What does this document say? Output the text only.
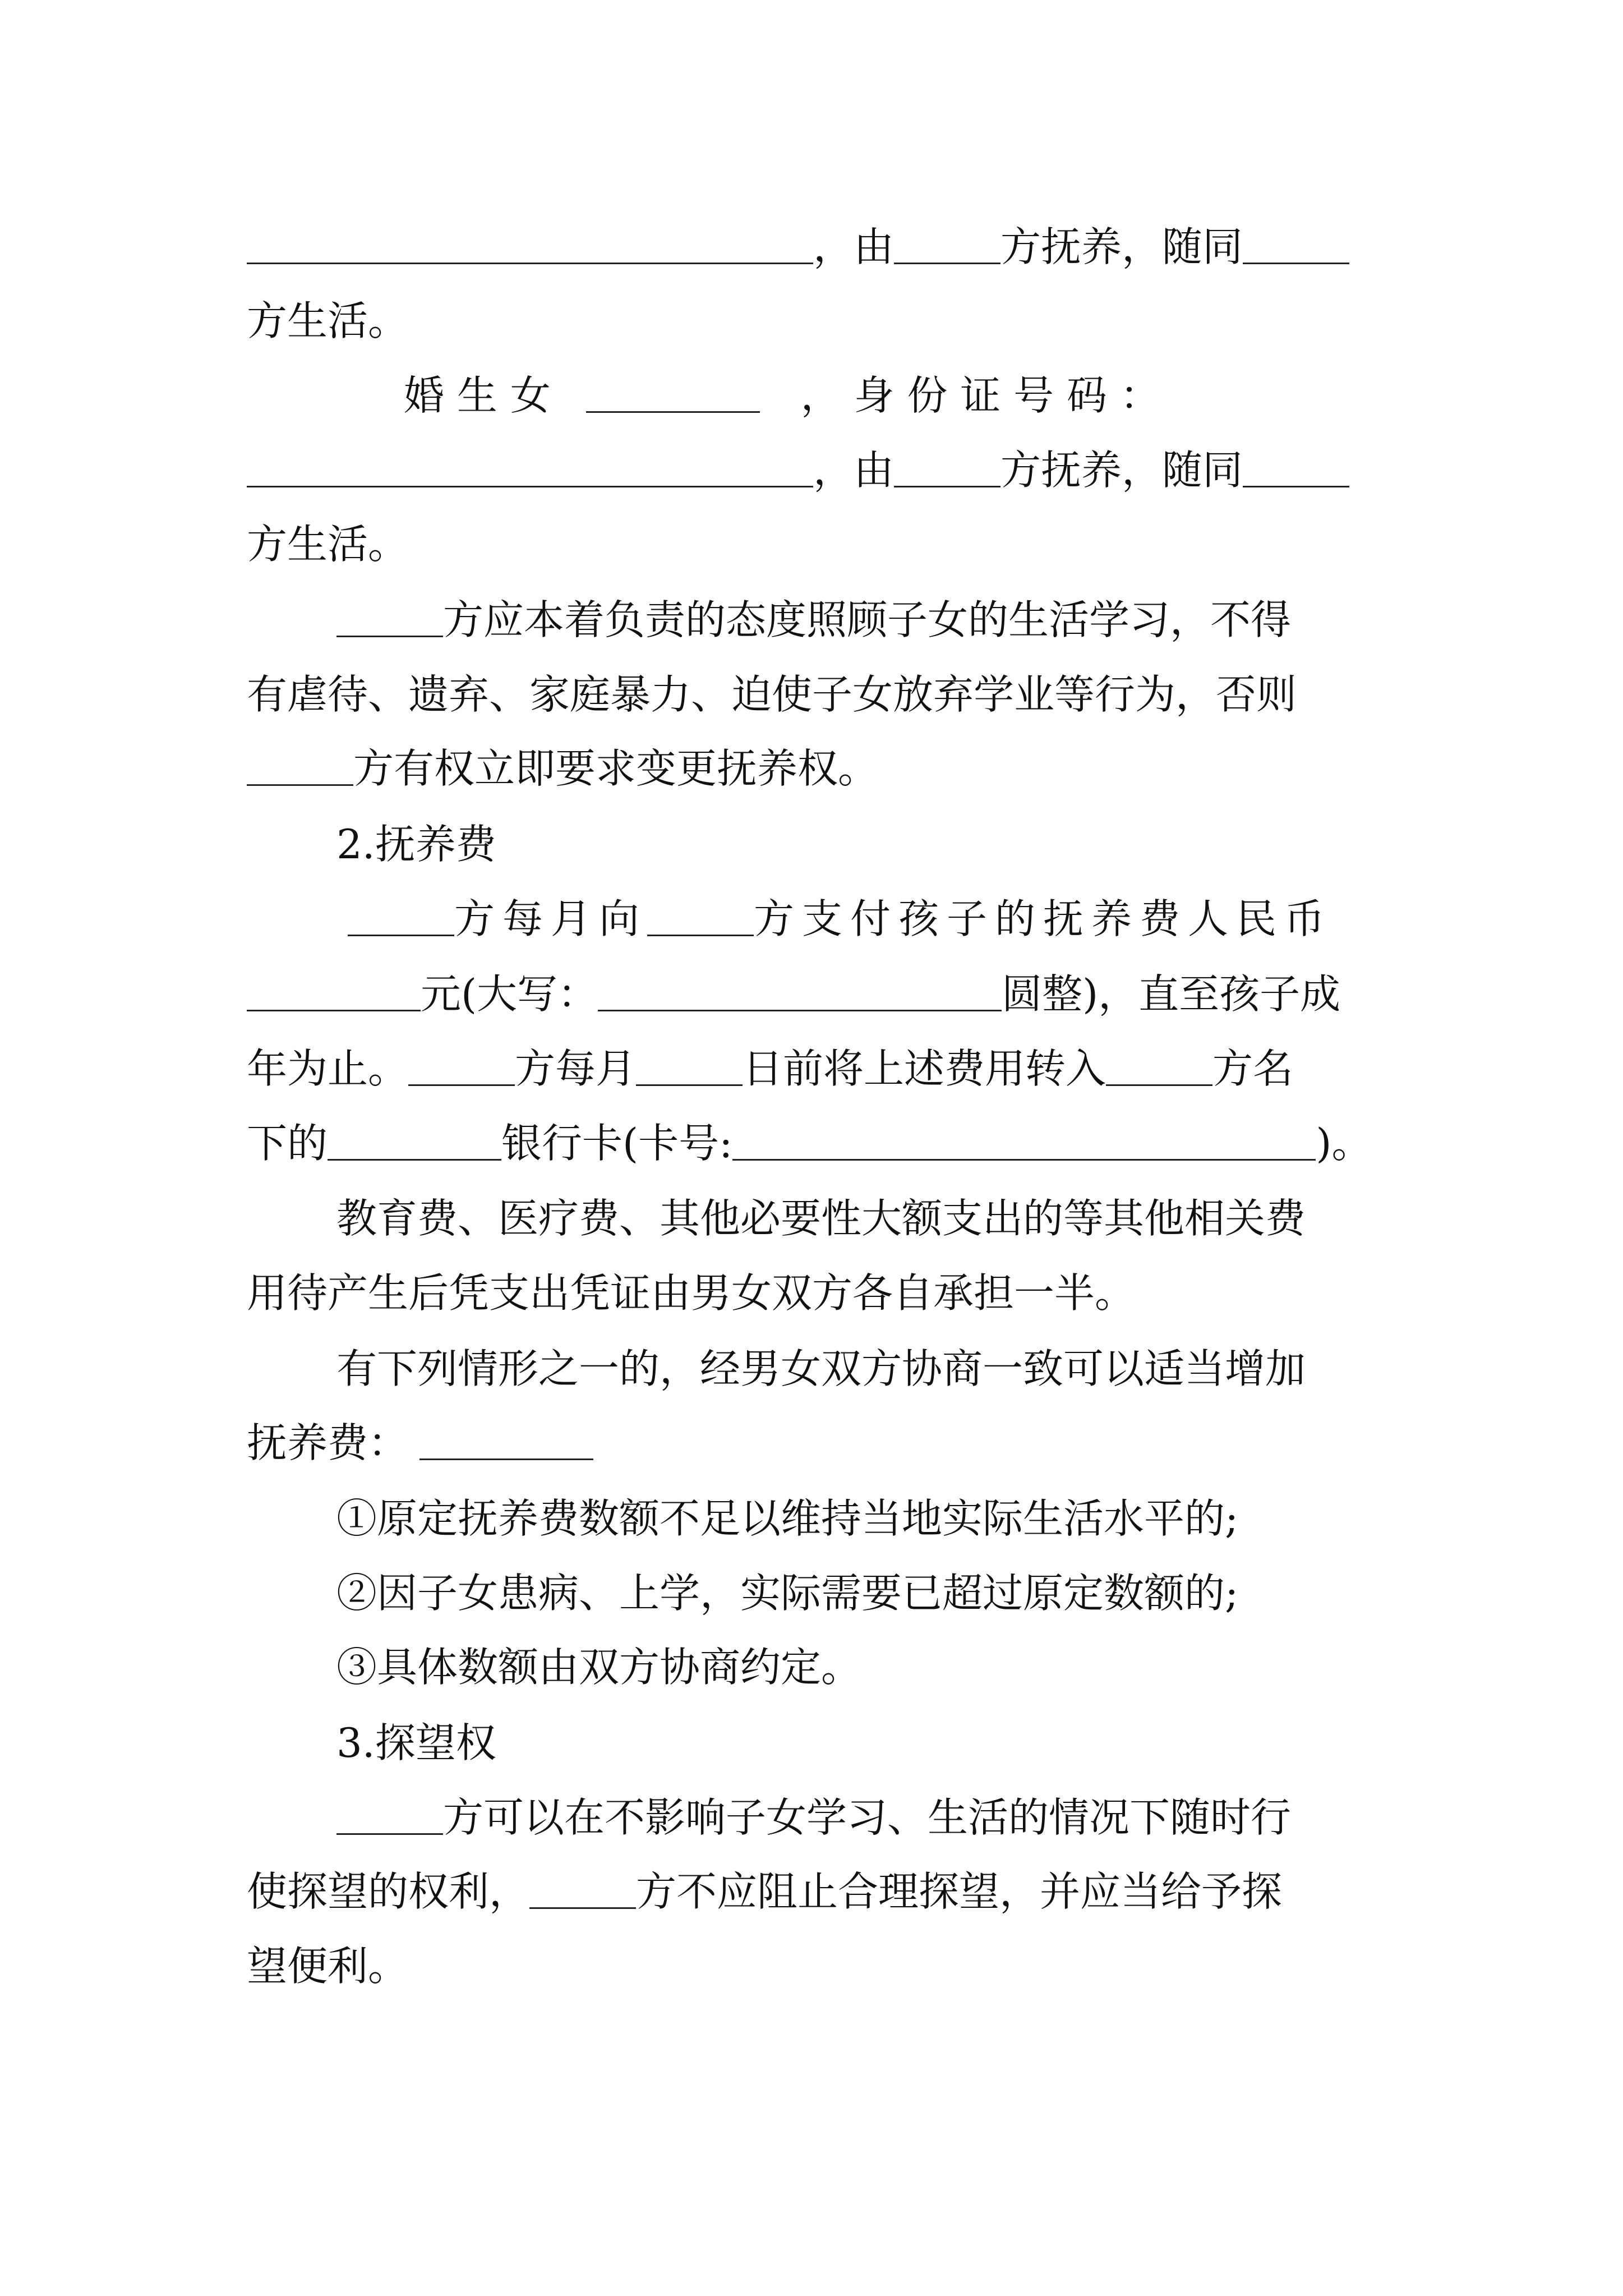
，由	方抚养，随同
方生活。
婚 生 女	， 身 份 证 号 码 ：
，由	方抚养，随同
方生活。
方应本着负责的态度照顾子女的生活学习，不得
有虐待、遗弃、家庭暴力、迫使子女放弃学业等行为，否则
方有权立即要求变更抚养权。
2.抚养费
方每月向	方支付孩子的抚养费人民币
元(大写：	圆整)，直至孩子成
年为止。	方每月	日前将上述费用转入	方名
下的	银行卡(卡号:	)。
教育费、医疗费、其他必要性大额支出的等其他相关费
用待产生后凭支出凭证由男女双方各自承担一半。
有下列情形之一的，经男女双方协商一致可以适当增加
抚养费：
①原定抚养费数额不足以维持当地实际生活水平的;
②因子女患病、上学，实际需要已超过原定数额的;
③具体数额由双方协商约定。
3.探望权
方可以在不影响子女学习、生活的情况下随时行
使探望的权利，	方不应阻止合理探望，并应当给予探
望便利。
